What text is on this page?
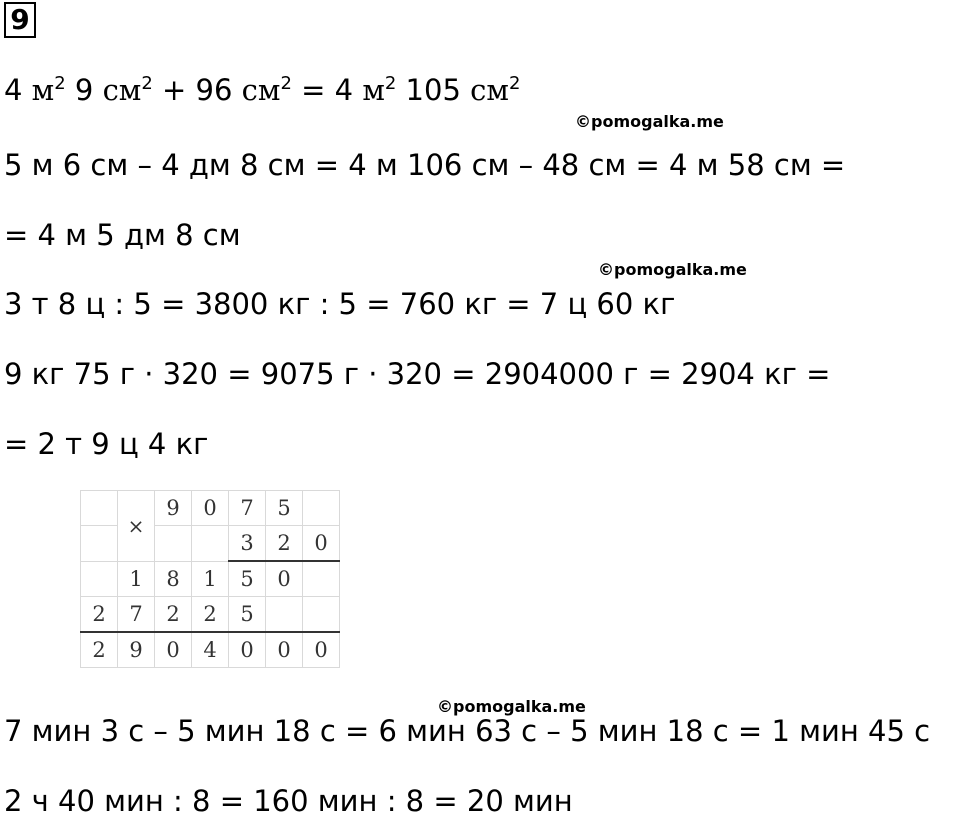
9
4 $м^2$ 9 $см^2 + 96$ $см^2 = 4$ $м^2$ 105 $см^2$
©pomogalka.me
5 м 6 см – 4 дм 8 см = 4 м 106 см – 48 см = 4 м 58 см =
= 4 м 5 дм 8 см
©pomogalka.me
3 т 8 ц : 5 = 3800 кг : 5 = 760 кг = 7 ц 60 кг
9 кг 75 г · 320 = 9075 г · 320 = 2904000 г = 2904 кг =
= 2 т 9 ц 4 кг
	×	9	0	7	5	
				3	2	0
	1	8	1	5	0	
2	7	2	2	5		
2	9	0	4	0	0	0
©pomogalka.me
7 мин 3 с – 5 мин 18 с = 6 мин 63 с – 5 мин 18 с = 1 мин 45 с
2 ч 40 мин : 8 = 160 мин : 8 = 20 мин
